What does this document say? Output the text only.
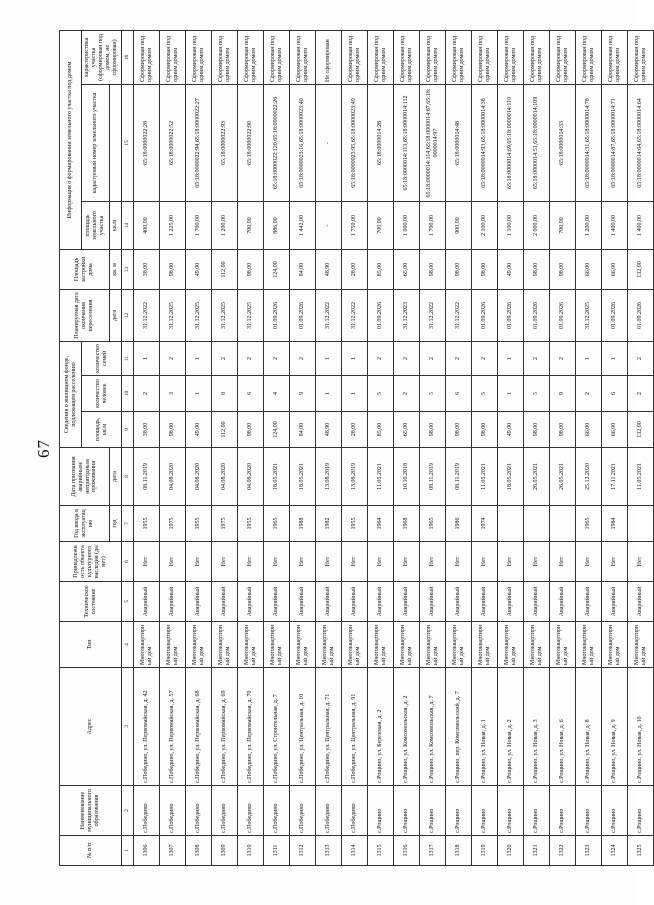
67
№ п/п	Наименование муниципального образования	Адрес	Тип	Техническое состояние	Принадлежность объекта культурного наследия (да/нет)	Год ввода в эксплуатацию	Дата признания аварийным/непригодным проживания	Сведения о жилищном фонде, подлежащем расселению			Планируемая дата окончания переселения	Площадь застройки дома	Информация о формировании земельного участка под домом		
								площадь, кв.м	количество человек	количество семей			площадь земельного участка	кадастровый номер земельного участка	характеристика участка (сформирован под домом, не сформирован)
						год	дата				дата	кв. м	кв.м		
1	2	3	4	5	6	7	8	9	10	11	12	13	14	15	16
1306	с.Победино	с.Победино, ул. Первомайская, д. 42	Многоквартирный дом	Аварийный	Нет	1955	08.11.2019	38,00	2	1	31.12.2022	38,00	400,00	65:18:0000022:28	Сформирован под одним домом
1307	с.Победино	с.Победино, ул. Первомайская, д. 57	Многоквартирный дом	Аварийный	Нет	1975	04.08.2020	98,00	3	2	31.12.2025	98,00	1 225,00	65:18:0000022:52	Сформирован под одним домом
1308	с.Победино	с.Победино, ул. Первомайская, д. 68	Многоквартирный дом	Аварийный	Нет	1955	04.08.2020	49,00	1	1	31.12.2025	49,00	1 700,00	65:18:0000022:94,65:18:0000022:27	Сформирован под одним домом
1309	с.Победино	с.Победино, ул. Первомайская, д. 69	Многоквартирный дом	Аварийный	Нет	1975	04.08.2020	112,00	8	2	31.12.2025	112,00	1 200,00	65:18:0000022:93	Сформирован под одним домом
1310	с.Победино	с.Победино, ул. Первомайская, д. 70	Многоквартирный дом	Аварийный	Нет	1955	04.08.2020	98,00	6	2	31.12.2025	98,00	700,00	65:18:0000022:90	Сформирован под одним домом
1311	с.Победино	с.Победино, ул. Строительная, д. 7	Многоквартирный дом	Аварийный	Нет	1965	18.05.2021	124,00	4	2	01.09.2026	124,00	886,00	65:18:0000022:120,65:18:0000022:26	Сформирован под одним домом
1312	с.Победино	с.Победино, ул. Центральная, д. 10	Многоквартирный дом	Аварийный	Нет	1988	18.05.2021	84,00	9	2	01.09.2026	84,00	1 442,00	65:18:0000023:16,65:18:0000023:40	Сформирован под одним домом
1313	с.Победино	с.Победино, ул. Центральная, д. 71	Многоквартирный дом	Аварийный	Нет	1982	13.08.2019	48,90	1	1	31.12.2022	48,90	-	-	Не сформирован
1314	с.Победино	с.Победино, ул. Центральная, д. 91	Многоквартирный дом	Аварийный	Нет	1955	13.08.2019	28,00	1	1	31.12.2022	28,00	1 750,00	65:18:0000023:95,65:18:0000023:49	Сформирован под одним домом
1315	с.Рощино	с.Рощино, ул. Березовая, д. 2	Многоквартирный дом	Аварийный	Нет	1964	11.05.2021	85,00	5	2	01.09.2026	85,00	700,00	65:18:0000014:28	Сформирован под одним домом
1316	с.Рощино	с.Рощино, ул. Комсомольская, д. 2	Многоквартирный дом	Аварийный	Нет	1968	10.10.2018	65,00	2	2	31.12.2023	65,00	1 000,00	65:18:0000014:113,65:18:0000014:112	Сформирован под одним домом
1317	с.Рощино	с.Рощино, ул. Комсомольская, д. 7	Многоквартирный дом	Аварийный	Нет	1965	08.11.2019	98,00	5	2	31.12.2022	98,00	1 700,00	65:18:0000014:114,65:18:0000014:87,65:18:0000014:97	Сформирован под одним домом
1318	с.Рощино	с.Рощино, пер. Комсомольский, д. 7	Многоквартирный дом	Аварийный	Нет	1986	08.11.2019	98,00	6	2	31.12.2022	98,00	900,00	65:18:0000014:48	Сформирован под одним домом
1319	с.Рощино	с.Рощино, ул. Новая, д. 1	Многоквартирный дом	Аварийный	Нет	1974	11.05.2021	98,00	5	2	01.09.2026	98,00	2 100,00	65:18:0000014:93,65:18:0000014:38	Сформирован под одним домом
1320	с.Рощино	с.Рощино, ул. Новая, д. 2	Многоквартирный дом	Аварийный	Нет		18.05.2021	49,00	1	1	01.09.2026	49,00	1 100,00	65:18:0000014:69,65:18:0000014:110	Сформирован под одним домом
1321	с.Рощино	с.Рощино, ул. Новая, д. 3	Многоквартирный дом	Аварийный	Нет		26.05.2021	98,00	5	2	01.09.2026	98,00	2 000,00	65:18:0000014:51,65:18:0000014:109	Сформирован под одним домом
1322	с.Рощино	с.Рощино, ул. Новая, д. 6	Многоквартирный дом	Аварийный	Нет		26.05.2021	98,00	9	2	01.09.2026	98,00	700,00	65:18:0000014:33	Сформирован под одним домом
1323	с.Рощино	с.Рощино, ул. Новая, д. 8	Многоквартирный дом	Аварийный	Нет	1965	25.12.2020	66,00	2	1	31.12.2025	66,00	1 200,00	65:18:0000014:31,65:18:0000014:78	Сформирован под одним домом
1324	с.Рощино	с.Рощино, ул. Новая, д. 9	Многоквартирный дом	Аварийный	Нет	1984	17.11.2021	66,00	6	1	01.09.2026	66,00	1 400,00	65:18:0000014:87,65:18:0000014:71	Сформирован под одним домом
1325	с.Рощино	с.Рощино, ул. Новая, д. 10	Многоквартирный дом	Аварийный	Нет		11.05.2021	132,00	2	2	01.09.2026	132,00	1 400,00	65:18:0000014:64,65:18:0000014:64	Сформирован под одним домом
